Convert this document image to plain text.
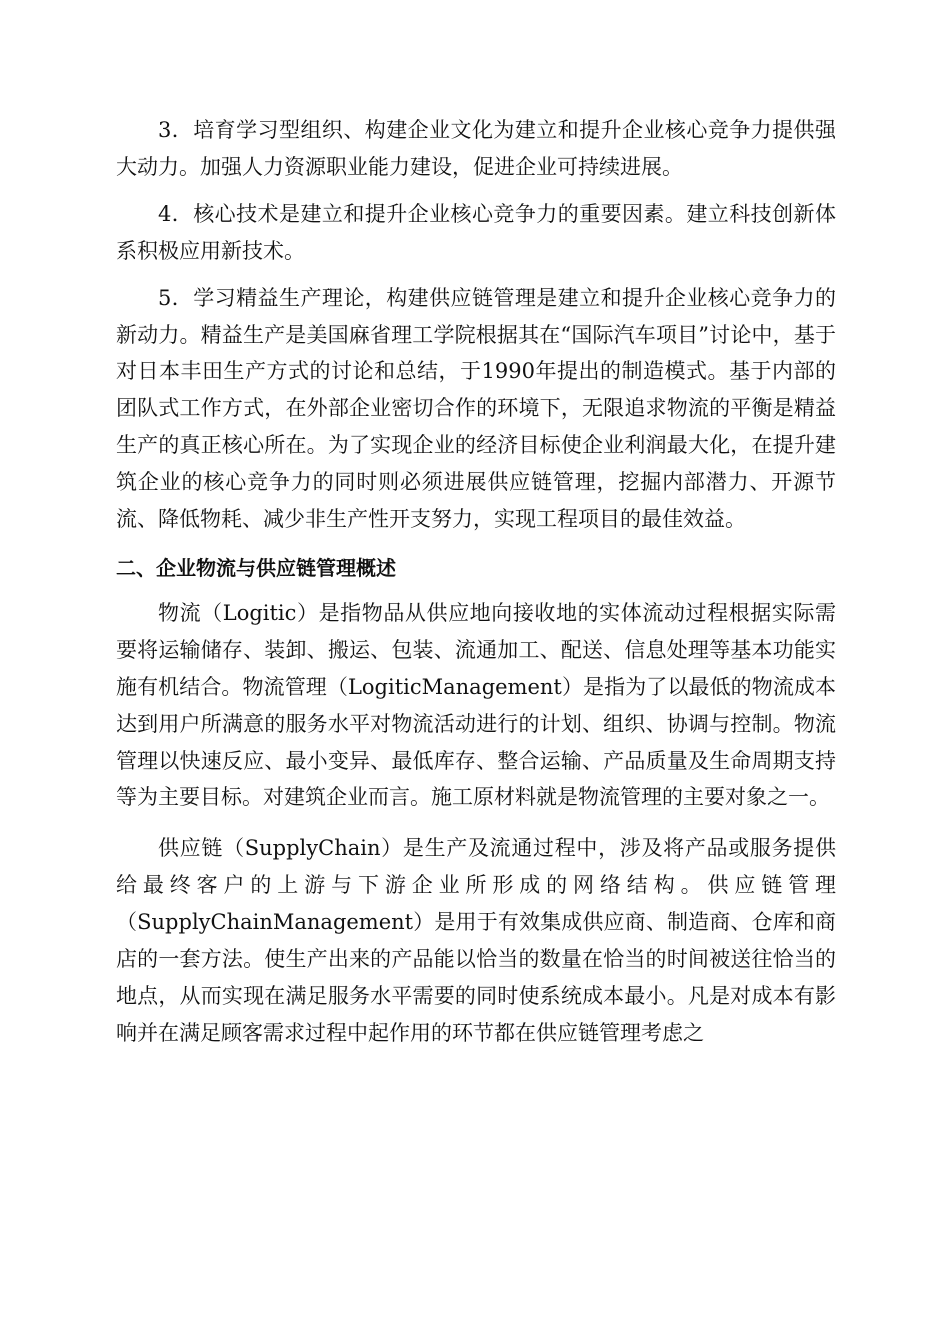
3．培育学习型组织、构建企业文化为建立和提升企业核心竞争力提供强大动力。加强人力资源职业能力建设，促进企业可持续进展。

4．核心技术是建立和提升企业核心竞争力的重要因素。建立科技创新体系积极应用新技术。

5．学习精益生产理论，构建供应链管理是建立和提升企业核心竞争力的新动力。精益生产是美国麻省理工学院根据其在“国际汽车项目”讨论中，基于对日本丰田生产方式的讨论和总结，于1990年提出的制造模式。基于内部的团队式工作方式，在外部企业密切合作的环境下，无限追求物流的平衡是精益生产的真正核心所在。为了实现企业的经济目标使企业利润最大化，在提升建筑企业的核心竞争力的同时则必须进展供应链管理，挖掘内部潜力、开源节流、降低物耗、减少非生产性开支努力，实现工程项目的最佳效益。

二、企业物流与供应链管理概述

物流（Logitic）是指物品从供应地向接收地的实体流动过程根据实际需要将运输储存、装卸、搬运、包装、流通加工、配送、信息处理等基本功能实施有机结合。物流管理（LogiticManagement）是指为了以最低的物流成本达到用户所满意的服务水平对物流活动进行的计划、组织、协调与控制。物流管理以快速反应、最小变异、最低库存、整合运输、产品质量及生命周期支持等为主要目标。对建筑企业而言。施工原材料就是物流管理的主要对象之一。

供应链（SupplyChain）是生产及流通过程中，涉及将产品或服务提供给最终客户的上游与下游企业所形成的网络结构。供应链管理（SupplyChainManagement）是用于有效集成供应商、制造商、仓库和商店的一套方法。使生产出来的产品能以恰当的数量在恰当的时间被送往恰当的地点，从而实现在满足服务水平需要的同时使系统成本最小。凡是对成本有影响并在满足顾客需求过程中起作用的环节都在供应链管理考虑之
